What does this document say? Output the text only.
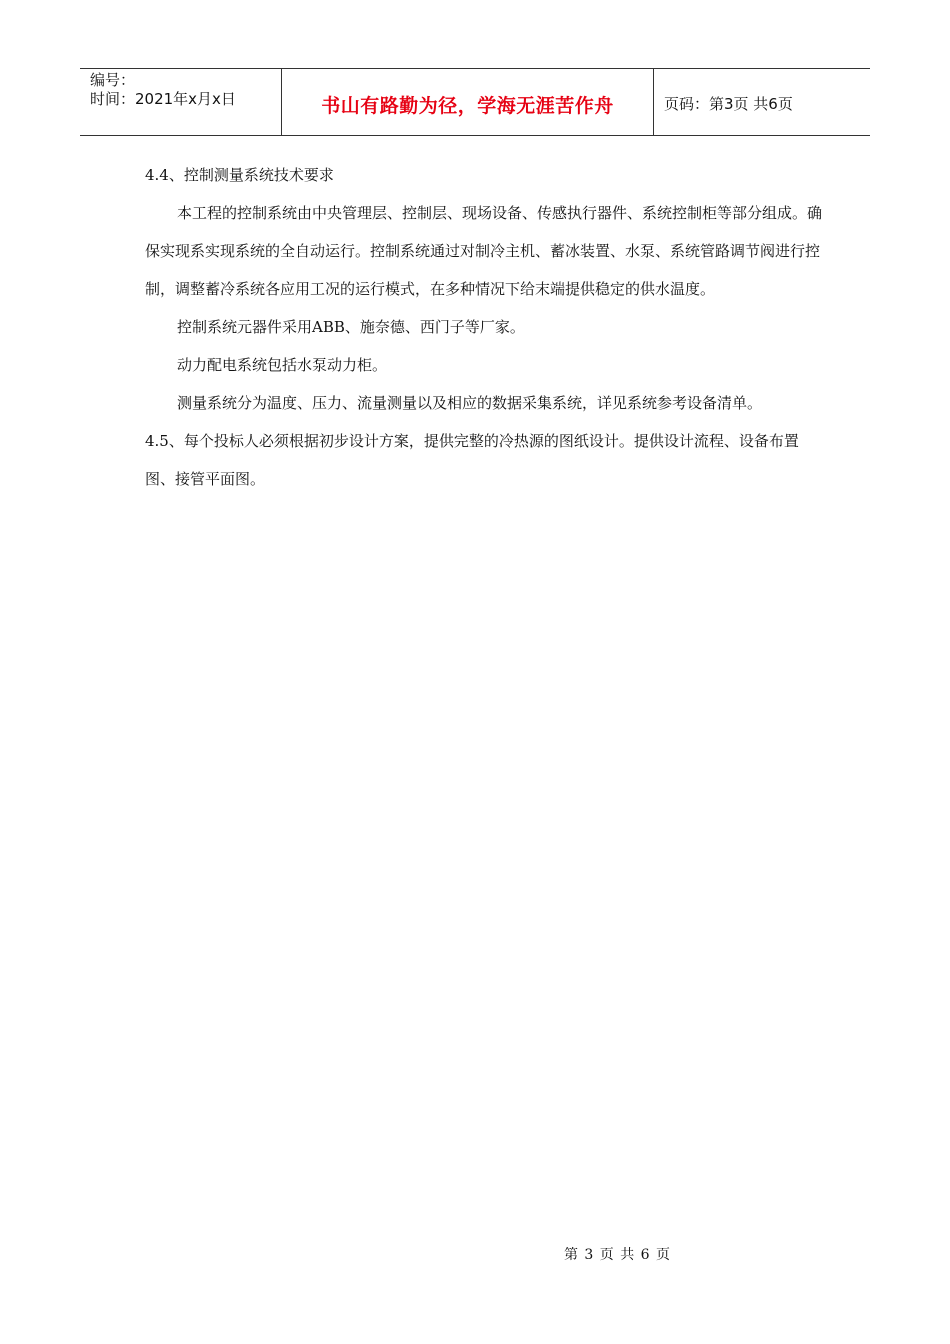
编号：
时间：2021年x月x日	书山有路勤为径，学海无涯苦作舟	页码：第3页 共6页

4.4、控制测量系统技术要求

本工程的控制系统由中央管理层、控制层、现场设备、传感执行器件、系统控制柜等部分组成。确保实现系实现系统的全自动运行。控制系统通过对制冷主机、蓄冰装置、水泵、系统管路调节阀进行控制，调整蓄冷系统各应用工况的运行模式，在多种情况下给末端提供稳定的供水温度。

控制系统元器件采用ABB、施奈德、西门子等厂家。

动力配电系统包括水泵动力柜。

测量系统分为温度、压力、流量测量以及相应的数据采集系统，详见系统参考设备清单。

4.5、每个投标人必须根据初步设计方案，提供完整的冷热源的图纸设计。提供设计流程、设备布置图、接管平面图。

第 3 页 共 6 页
